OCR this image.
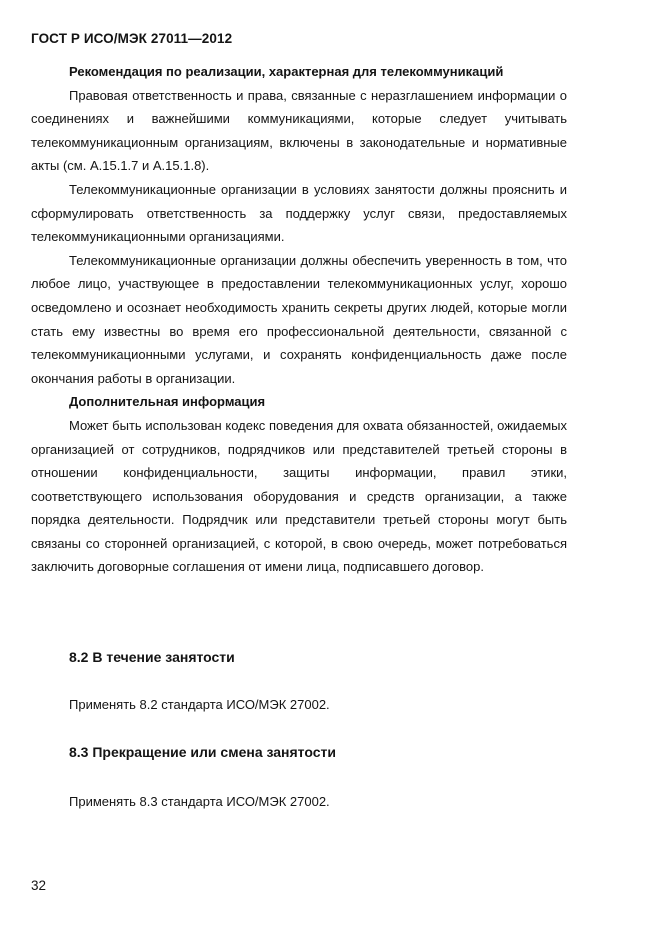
ГОСТ Р ИСО/МЭК 27011—2012

Рекомендация по реализации, характерная для телекоммуникаций

Правовая ответственность и права, связанные с неразглашением информации о соединениях и важнейшими коммуникациями, которые следует учитывать телекоммуникационным организациям, включены в законодательные и нормативные акты (см. А.15.1.7 и А.15.1.8).

Телекоммуникационные организации в условиях занятости должны прояснить и сформулировать ответственность за поддержку услуг связи, предоставляемых телекоммуникационными организациями.

Телекоммуникационные организации должны обеспечить уверенность в том, что любое лицо, участвующее в предоставлении телекоммуникационных услуг, хорошо осведомлено и осознает необходимость хранить секреты других людей, которые могли стать ему известны во время его профессиональной деятельности, связанной с телекоммуникационными услугами, и сохранять конфиденциальность даже после окончания работы в организации.

Дополнительная информация

Может быть использован кодекс поведения для охвата обязанностей, ожидаемых организацией от сотрудников, подрядчиков или представителей третьей стороны в отношении конфиденциальности, защиты информации, правил этики, соответствующего использования оборудования и средств организации, а также порядка деятельности. Подрядчик или представители третьей стороны могут быть связаны со сторонней организацией, с которой, в свою очередь, может потребоваться заключить договорные соглашения от имени лица, подписавшего договор.

8.2 В течение занятости
Применять 8.2 стандарта ИСО/МЭК 27002.
8.3 Прекращение или смена занятости
Применять 8.3 стандарта ИСО/МЭК 27002.
32
